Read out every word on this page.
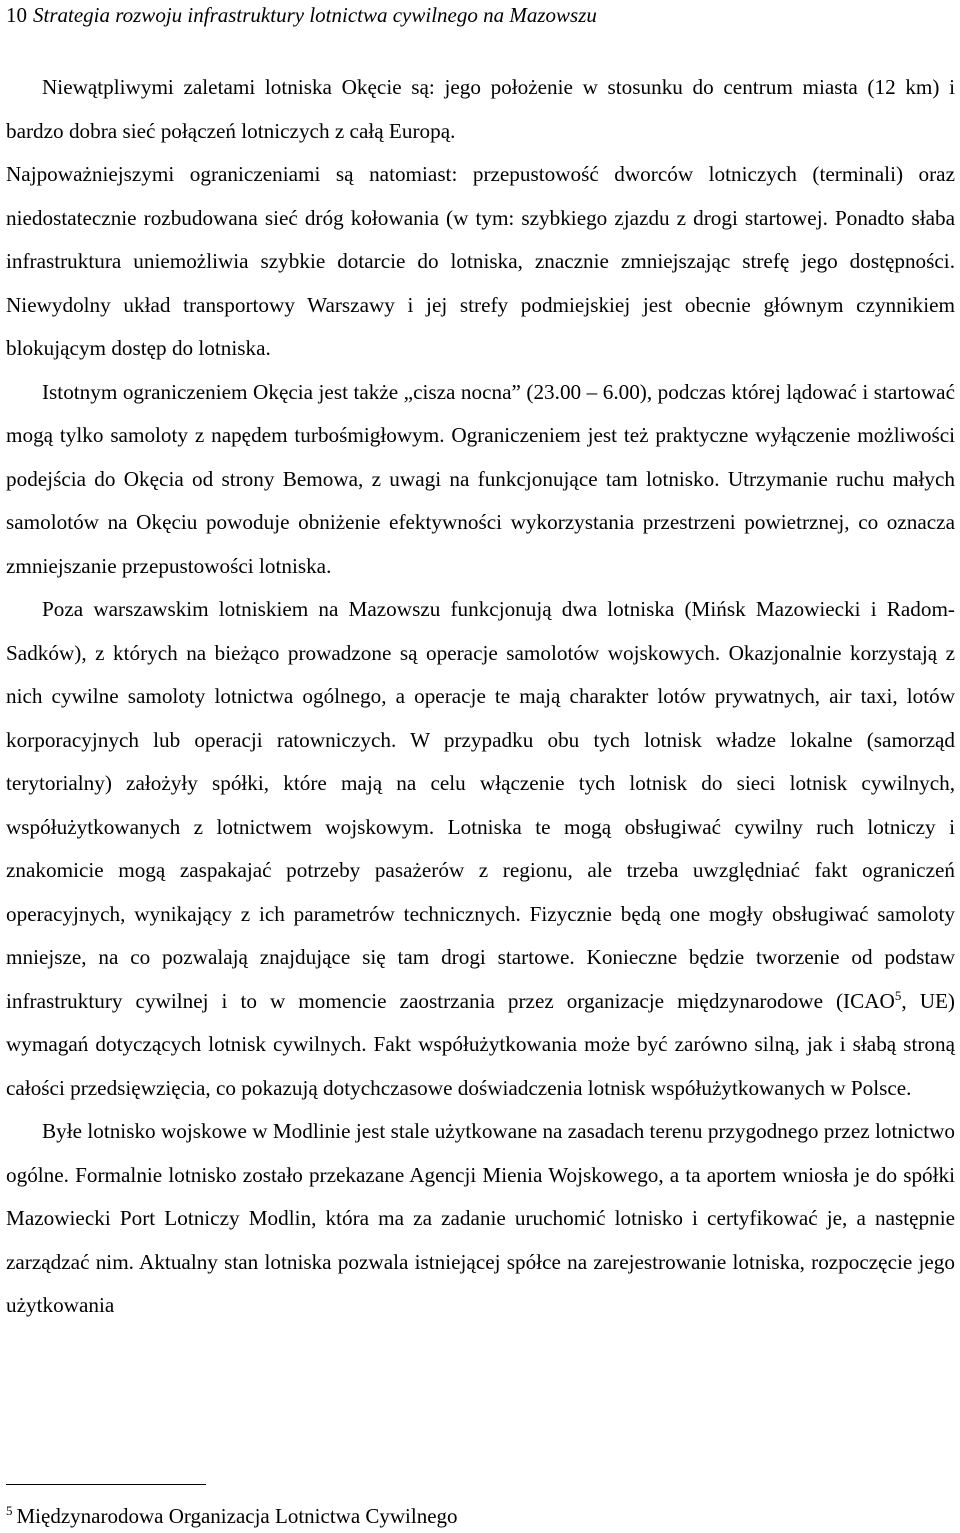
10 Strategia rozwoju infrastruktury lotnictwa cywilnego na Mazowszu

Niewątpliwymi zaletami lotniska Okęcie są: jego położenie w stosunku do centrum miasta (12 km) i bardzo dobra sieć połączeń lotniczych z całą Europą.

Najpoważniejszymi ograniczeniami są natomiast: przepustowość dworców lotniczych (terminali) oraz niedostatecznie rozbudowana sieć dróg kołowania (w tym: szybkiego zjazdu z drogi startowej. Ponadto słaba infrastruktura uniemożliwia szybkie dotarcie do lotniska, znacznie zmniejszając strefę jego dostępności. Niewydolny układ transportowy Warszawy i jej strefy podmiejskiej jest obecnie głównym czynnikiem blokującym dostęp do lotniska.

Istotnym ograniczeniem Okęcia jest także „cisza nocna” (23.00 – 6.00), podczas której lądować i startować mogą tylko samoloty z napędem turbośmigłowym. Ograniczeniem jest też praktyczne wyłączenie możliwości podejścia do Okęcia od strony Bemowa, z uwagi na funkcjonujące tam lotnisko. Utrzymanie ruchu małych samolotów na Okęciu powoduje obniżenie efektywności wykorzystania przestrzeni powietrznej, co oznacza zmniejszanie przepustowości lotniska.

Poza warszawskim lotniskiem na Mazowszu funkcjonują dwa lotniska (Mińsk Mazowiecki i Radom-Sadków), z których na bieżąco prowadzone są operacje samolotów wojskowych. Okazjonalnie korzystają z nich cywilne samoloty lotnictwa ogólnego, a operacje te mają charakter lotów prywatnych, air taxi, lotów korporacyjnych lub operacji ratowniczych. W przypadku obu tych lotnisk władze lokalne (samorząd terytorialny) założyły spółki, które mają na celu włączenie tych lotnisk do sieci lotnisk cywilnych, współużytkowanych z lotnictwem wojskowym. Lotniska te mogą obsługiwać cywilny ruch lotniczy i znakomicie mogą zaspakajać potrzeby pasażerów z regionu, ale trzeba uwzględniać fakt ograniczeń operacyjnych, wynikający z ich parametrów technicznych. Fizycznie będą one mogły obsługiwać samoloty mniejsze, na co pozwalają znajdujące się tam drogi startowe. Konieczne będzie tworzenie od podstaw infrastruktury cywilnej i to w momencie zaostrzania przez organizacje międzynarodowe (ICAO$^5$, UE) wymagań dotyczących lotnisk cywilnych. Fakt współużytkowania może być zarówno silną, jak i słabą stroną całości przedsięwzięcia, co pokazują dotychczasowe doświadczenia lotnisk współużytkowanych w Polsce.

Byłe lotnisko wojskowe w Modlinie jest stale użytkowane na zasadach terenu przygodnego przez lotnictwo ogólne. Formalnie lotnisko zostało przekazane Agencji Mienia Wojskowego, a ta aportem wniosła je do spółki Mazowiecki Port Lotniczy Modlin, która ma za zadanie uruchomić lotnisko i certyfikować je, a następnie zarządzać nim. Aktualny stan lotniska pozwala istniejącej spółce na zarejestrowanie lotniska, rozpoczęcie jego użytkowania

$^5$ Międzynarodowa Organizacja Lotnictwa Cywilnego
